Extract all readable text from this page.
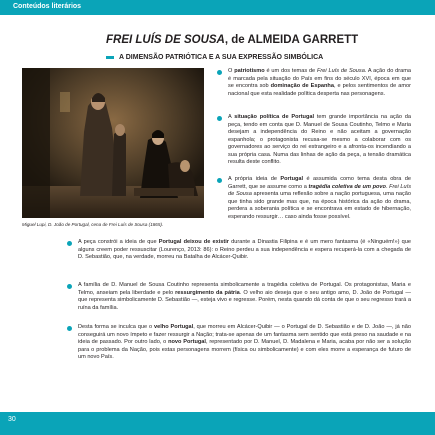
Conteúdos literários
FREI LUÍS DE SOUSA, de ALMEIDA GARRETT
A DIMENSÃO PATRIÓTICA E A SUA EXPRESSÃO SIMBÓLICA
Miguel Lupi, D. João de Portugal, cena de Frei Luís de Sousa (1865).
O patriotismo é um dos temas de Frei Luís de Sousa. A ação do drama é marcada pela situação do País em fins do século XVI, época em que se encontra sob dominação de Espanha, e pelos sentimentos de amor nacional que esta realidade política desperta nas personagens.
A situação política de Portugal tem grande importância na ação da peça, tendo em conta que D. Manuel de Sousa Coutinho, Telmo e Maria desejam a independência do Reino e não aceitam a governação espanhola; o protagonista recusa-se mesmo a colaborar com os governadores ao serviço do rei estrangeiro e a afronta-os incendiando a sua própria casa. Numa das linhas de ação da peça, a tensão dramática resulta deste conflito.
A própria ideia de Portugal é assumida como tema desta obra de Garrett, que se assume como a tragédia coletiva de um povo. Frei Luís de Sousa apresenta uma reflexão sobre a nação portuguesa, uma nação que tinha sido grande mas que, na época histórica da ação do drama, perdera a soberania política e se encontrava em estado de hibernação, esperando ressurgir… caso ainda fosse possível.
A peça constrói a ideia de que Portugal deixou de existir durante a Dinastia Filipina e é um mero fantasma (é «Ninguém!») que alguns creem poder ressuscitar (Lourenço, 2013: 86): o Reino perdeu a sua independência e espera recuperá-la com a chegada de D. Sebastião, que, na verdade, morreu na Batalha de Alcácer-Quibir.
A família de D. Manuel de Sousa Coutinho representa simbolicamente a tragédia coletiva de Portugal. Os protagonistas, Maria e Telmo, anseiam pela liberdade e pelo ressurgimento da pátria. O velho aio deseja que o seu antigo amo, D. João de Portugal — que representa simbolicamente D. Sebastião —, esteja vivo e regresse. Porém, nesta quando dá conta de que o seu regresso trará a ruína da família.
Desta forma se inculca que o velho Portugal, que morreu em Alcácer-Quibir — o Portugal de D. Sebastião e de D. João —, já não conseguirá um novo ímpeto e fazer ressurgir a Nação; trata-se apenas de um fantasma sem sentido que está preso na saudade e na ideia de passado. Por outro lado, o novo Portugal, representado por D. Manuel, D. Madalena e Maria, acaba por não ser a solução para o problema da Nação, pois estas personagens morrem (física ou simbolicamente) e com eles morre a esperança de futuro de um novo País.
30
